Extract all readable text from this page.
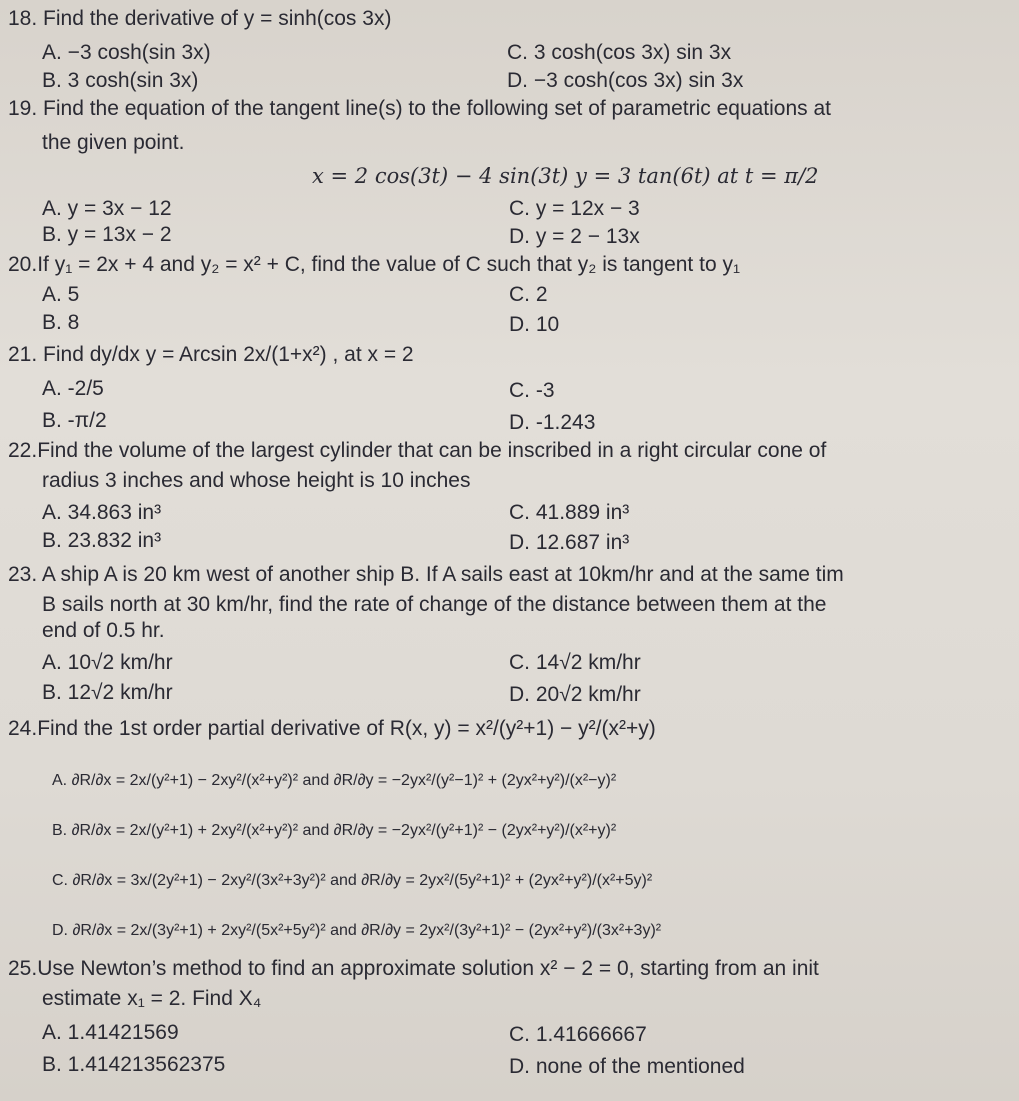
18. Find the derivative of y = sinh(cos 3x)
A. −3 cosh(sin 3x)	C. 3 cosh(cos 3x) sin 3x
B. 3 cosh(sin 3x)	D. −3 cosh(cos 3x) sin 3x
19. Find the equation of the tangent line(s) to the following set of parametric equations at
the given point.
x = 2 cos(3t) − 4 sin(3t) y = 3 tan(6t) at t = π/2
A. y = 3x − 12	C. y = 12x − 3
B. y = 13x − 2	D. y = 2 − 13x
20.If y₁ = 2x + 4 and y₂ = x² + C, find the value of C such that y₂ is tangent to y₁
A. 5	C. 2
B. 8	D. 10
21. Find dy/dx y = Arcsin 2x/(1+x²) , at x = 2
A. -2/5	C. -3
B. -π/2	D. -1.243
22.Find the volume of the largest cylinder that can be inscribed in a right circular cone of
radius 3 inches and whose height is 10 inches
A. 34.863 in³	C. 41.889 in³
B. 23.832 in³	D. 12.687 in³
23. A ship A is 20 km west of another ship B. If A sails east at 10km/hr and at the same tim
B sails north at 30 km/hr, find the rate of change of the distance between them at the
end of 0.5 hr.
A. 10√2 km/hr	C. 14√2 km/hr
B. 12√2 km/hr	D. 20√2 km/hr
24.Find the 1st order partial derivative of R(x, y) = x²/(y²+1) − y²/(x²+y)
A. ∂R/∂x = 2x/(y²+1) − 2xy²/(x²+y²)² and ∂R/∂y = −2yx²/(y²−1)² + (2yx²+y²)/(x²−y)²
B. ∂R/∂x = 2x/(y²+1) + 2xy²/(x²+y²)² and ∂R/∂y = −2yx²/(y²+1)² − (2yx²+y²)/(x²+y)²
C. ∂R/∂x = 3x/(2y²+1) − 2xy²/(3x²+3y²)² and ∂R/∂y = 2yx²/(5y²+1)² + (2yx²+y²)/(x²+5y)²
D. ∂R/∂x = 2x/(3y²+1) + 2xy²/(5x²+5y²)² and ∂R/∂y = 2yx²/(3y²+1)² − (2yx²+y²)/(3x²+3y)²
25.Use Newton’s method to find an approximate solution x² − 2 = 0, starting from an init
estimate x₁ = 2. Find X₄
A. 1.41421569	C. 1.41666667
B. 1.414213562375	D. none of the mentioned
